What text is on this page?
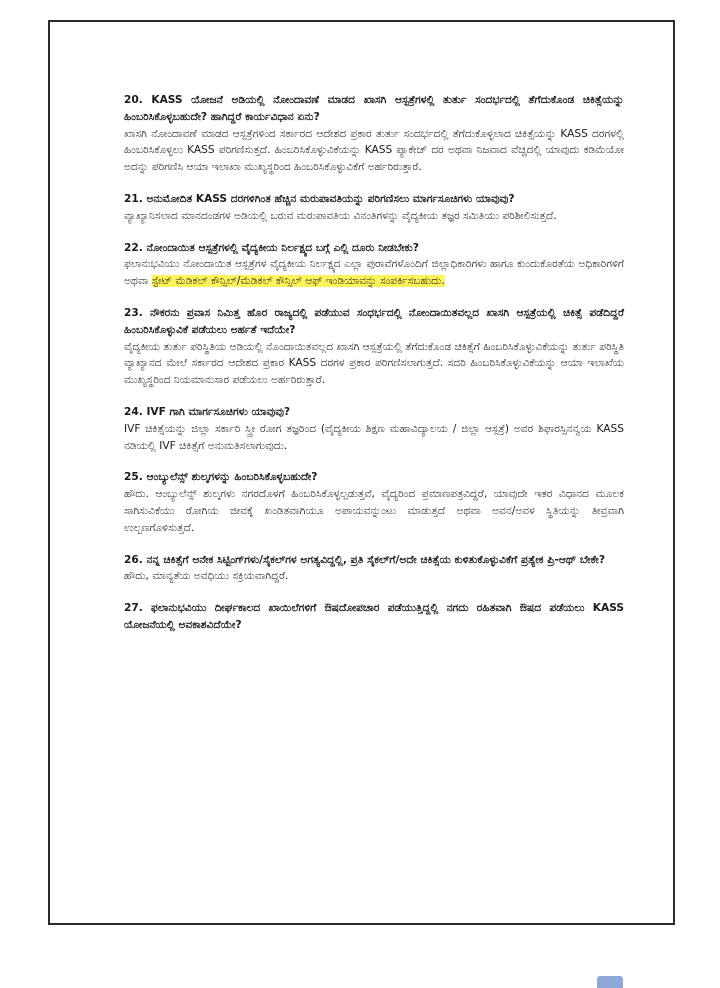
20. KASS ಯೋಜನೆ ಅಡಿಯಲ್ಲಿ ನೋಂದಾವಣೆ ಮಾಡದ ಖಾಸಗಿ ಆಸ್ಪತ್ರೆಗಳಲ್ಲಿ ತುರ್ತು ಸಂದರ್ಭದಲ್ಲಿ ತೆಗೆದುಕೊಂಡ ಚಿಕಿತ್ಸೆಯನ್ನು ಹಿಂಬರಿಸಿಕೊಳ್ಳಬಹುದೇ? ಹಾಗಿದ್ದರೆ ಕಾರ್ಯವಿಧಾನ ಏನು?

ಖಾಸಗಿ ನೋಂದಾವಣೆ ಮಾಡದ ಆಸ್ಪತ್ರೆಗಳಿಂದ ಸರ್ಕಾರದ ಆದೇಶದ ಪ್ರಕಾರ ತುರ್ತು ಸಂದರ್ಭದಲ್ಲಿ ತೆಗೆದುಕೊಳ್ಳಲಾದ ಚಿಕಿತ್ಸೆಯನ್ನು KASS ದರಗಳಲ್ಲಿ ಹಿಂಬರಿಸಿಕೊಳ್ಳಲು KASS ಪರಿಗಣಿಸುತ್ತದೆ. ಹಿಂಬರಿಸಿಕೊಳ್ಳುವಿಕೆಯನ್ನು KASS ಪ್ಯಾಕೇಜ್ ದರ ಅಥವಾ ನಿಜವಾದ ವೆಚ್ಚದಲ್ಲಿ ಯಾವುದು ಕಡಿಮೆಯೋ ಅದನ್ನು ಪರಿಗಣಿಸಿ ಆಯಾ ಇಲಾಖಾ ಮುಖ್ಯಸ್ಥರಿಂದ ಹಿಂಬರಿಸಿಕೊಳ್ಳುವಿಕೆಗೆ ಅರ್ಹರಿರುತ್ತಾರೆ.

21. ಅನುಮೋದಿತ KASS ದರಗಳಿಗಿಂತ ಹೆಚ್ಚಿನ ಮರುಪಾವತಿಯನ್ನು ಪರಿಗಣಿಸಲು ಮಾರ್ಗಸೂಚಿಗಳು ಯಾವುವು?

ವ್ಯಾಖ್ಯಾನಿಸಲಾದ ಮಾನದಂಡಗಳ ಅಡಿಯಲ್ಲಿ ಬರುವ ಮರುಪಾವತಿಯ ವಿನಂತಿಗಳನ್ನು ವೈದ್ಯಕೀಯ ತಜ್ಞರ ಸಮಿತಿಯು ಪರಿಶೀಲಿಸುತ್ತದೆ.

22. ನೋಂದಾಯಿತ ಆಸ್ಪತ್ರೆಗಳಲ್ಲಿ ವೈದ್ಯಕೀಯ ನಿರ್ಲಕ್ಷ್ಯದ ಬಗ್ಗೆ ಎಲ್ಲಿ ದೂರು ನೀಡಬೇಕು?

ಫಲಾನುಭವಿಯು ನೋಂದಾಯಿತ ಆಸ್ಪತ್ರೆಗಳ ವೈದ್ಯಕೀಯ ನಿರ್ಲಕ್ಷ್ಯದ ಎಲ್ಲಾ ಪುರಾವೆಗಳೊಂದಿಗೆ ಜಿಲ್ಲಾಧಿಕಾರಿಗಳು ಹಾಗೂ ಕುಂದುಕೊರತೆಯ ಅಧಿಕಾರಿಗಳಿಗೆ ಅಥವಾ ಸ್ಟೇಟ್ ಮೆಡಿಕಲ್ ಕೌನ್ಸಿಲ್/ಮೆಡಿಕಲ್ ಕೌನ್ಸಿಲ್ ಆಫ್ ಇಂಡಿಯಾವನ್ನು ಸಂಪರ್ಕಿಸಬಹುದು.

23. ನೌಕರನು ಪ್ರವಾಸ ನಿಮಿತ್ತ ಹೊರ ರಾಜ್ಯದಲ್ಲಿ ಪಡೆಯುವ ಸಂಧರ್ಭದಲ್ಲಿ ನೋಂದಾಯಿತವಲ್ಲದ ಖಾಸಗಿ ಆಸ್ಪತ್ರೆಯಲ್ಲಿ ಚಿಕಿತ್ಸೆ ಪಡೆದಿದ್ದರೆ ಹಿಂಬರಿಸಿಕೊಳ್ಳುವಿಕೆ ಪಡೆಯಲು ಅರ್ಹತೆ ಇದೆಯೇ?

ವೈದ್ಯಕೀಯ ತುರ್ತು ಪರಿಸ್ಥಿತಿಯ ಅಡಿಯಲ್ಲಿ ನೊಂದಾಯಿತವಲ್ಲದ ಖಾಸಗಿ ಆಸ್ಪತ್ರೆಯಲ್ಲಿ ತೆಗೆದುಕೊಂಡ ಚಿಕಿತ್ಸೆಗೆ ಹಿಂಬರಿಸಿಕೊಳ್ಳುವಿಕೆಯನ್ನು ತುರ್ತು ಪರಿಸ್ಥಿತಿ ವ್ಯಾಖ್ಯಾನದ ಮೇಲೆ ಸರ್ಕಾರದ ಆದೇಶದ ಪ್ರಕಾರ KASS ದರಗಳ ಪ್ರಕಾರ ಪರಿಗಣಿಸಲಾಗುತ್ತದೆ. ಸದರಿ ಹಿಂಬರಿಸಿಕೊಳ್ಳುವಿಕೆಯನ್ನು ಆಯಾ ಇಲಾಖೆಯ ಮುಖ್ಯಸ್ಥರಿಂದ ನಿಯಮಾನುಸಾರ ಪಡೆಯಲು ಅರ್ಹರಿರುತ್ತಾರೆ.

24. IVF ಗಾಗಿ ಮಾರ್ಗಸೂಚಿಗಳು ಯಾವುವು?

IVF ಚಿಕಿತ್ಸೆಯನ್ನು ಜಿಲ್ಲಾ ಸರ್ಕಾರಿ ಸ್ತ್ರೀ ರೋಗ ತಜ್ಞರಿಂದ (ವೈದ್ಯಕೀಯ ಶಿಕ್ಷಣ ಮಹಾವಿದ್ಯಾಲಯ / ಜಿಲ್ಲಾ ಆಸ್ಪತ್ರೆ) ಅವರ ಶಿಫಾರಸ್ಸಿನನ್ವಯ KASS ನಡಿಯಲ್ಲಿ IVF ಚಿಕಿತ್ಸೆಗೆ ಅನುಮತಿಸಲಾಗುವುದು.

25. ಆಂಬ್ಯುಲೆನ್ಸ್ ಶುಲ್ಕಗಳನ್ನು ಹಿಂಬರಿಸಿಕೊಳ್ಳಬಹುದೇ?

ಹೌದು. ಆಂಬ್ಯುಲೆನ್ಸ್ ಶುಲ್ಕಗಳು ನಗರದೊಳಗೆ ಹಿಂಬರಿಸಿಕೊಳ್ಳಲ್ಪಡುತ್ತವೆ, ವೈದ್ಯರಿಂದ ಪ್ರಮಾಣಪತ್ರವಿದ್ದರೆ, ಯಾವುದೇ ಇತರ ವಿಧಾನದ ಮೂಲಕ ಸಾಗಿಸುವಿಕೆಯು ರೋಗಿಯ ಜೀವಕ್ಕೆ ಖಂಡಿತವಾಗಿಯೂ ಅಪಾಯವನ್ನುಂಟು ಮಾಡುತ್ತದೆ ಅಥವಾ ಅವನ/ಅವಳ ಸ್ಥಿತಿಯನ್ನು ತೀವ್ರವಾಗಿ ಉಲ್ಬಣಗೊಳಿಸುತ್ತದೆ.

26. ನನ್ನ ಚಿಕಿತ್ಸೆಗೆ ಅನೇಕ ಸಿಟ್ಟಿಂಗ್‌ಗಳು/ಸೈಕಲ್‌ಗಳ ಅಗತ್ಯವಿದ್ದಲ್ಲಿ, ಪ್ರತಿ ಸೈಕಲ್‌ಗೆ/ಅದೇ ಚಿಕಿತ್ಸೆಯ ಕುಳಿತುಕೊಳ್ಳುವಿಕೆಗೆ ಪ್ರತ್ಯೇಕ ಪ್ರಿ-ಆಥ್ ಬೇಕೇ?

ಹೌದು, ಮಾನ್ಯತೆಯ ಅವಧಿಯು ಸಕ್ರಿಯವಾಗಿದ್ದರೆ.

27. ಫಲಾನುಭವಿಯು ದೀರ್ಘಕಾಲದ ಖಾಯಿಲೆಗಳಿಗೆ ಔಷದೋಪಚಾರ ಪಡೆಯುತ್ತಿದ್ದಲ್ಲಿ ನಗದು ರಹಿತವಾಗಿ ಔಷದ ಪಡೆಯಲು KASS ಯೋಜನೆಯಲ್ಲಿ ಅವಕಾಶವಿದೆಯೇ?
